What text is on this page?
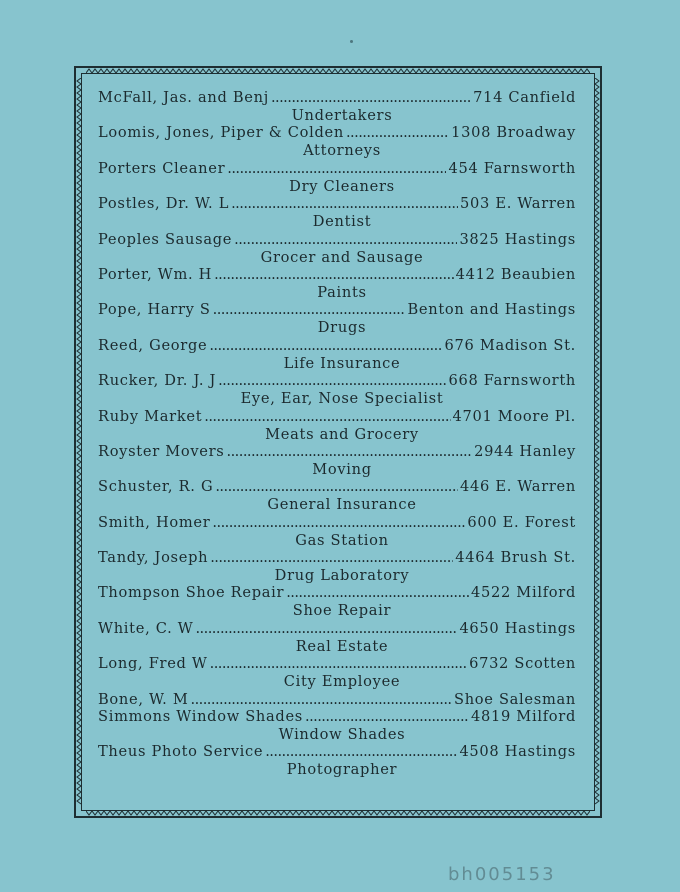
McFall, Jas. and Benj . . .	714 Canfield
Undertakers
Loomis, Jones, Piper & Colden . . .	1308 Broadway
Attorneys
Porters Cleaner . . .	454 Farnsworth
Dry Cleaners
Postles, Dr. W. L . . .	503 E. Warren
Dentist
Peoples Sausage . . .	3825 Hastings
Grocer and Sausage
Porter, Wm. H . . .	4412 Beaubien
Paints
Pope, Harry S . . .	Benton and Hastings
Drugs
Reed, George . . .	676 Madison St.
Life Insurance
Rucker, Dr. J. J . . .	668 Farnsworth
Eye, Ear, Nose Specialist
Ruby Market . . .	4701 Moore Pl.
Meats and Grocery
Royster Movers . . .	2944 Hanley
Moving
Schuster, R. G . . .	446 E. Warren
General Insurance
Smith, Homer . . .	600 E. Forest
Gas Station
Tandy, Joseph . . .	4464 Brush St.
Drug Laboratory
Thompson Shoe Repair . . .	4522 Milford
Shoe Repair
White, C. W . . .	4650 Hastings
Real Estate
Long, Fred W . . .	6732 Scotten
City Employee
Bone, W. M . . .	Shoe Salesman
Simmons Window Shades . . .	4819 Milford
Window Shades
Theus Photo Service . . .	4508 Hastings
Photographer
bh005153
